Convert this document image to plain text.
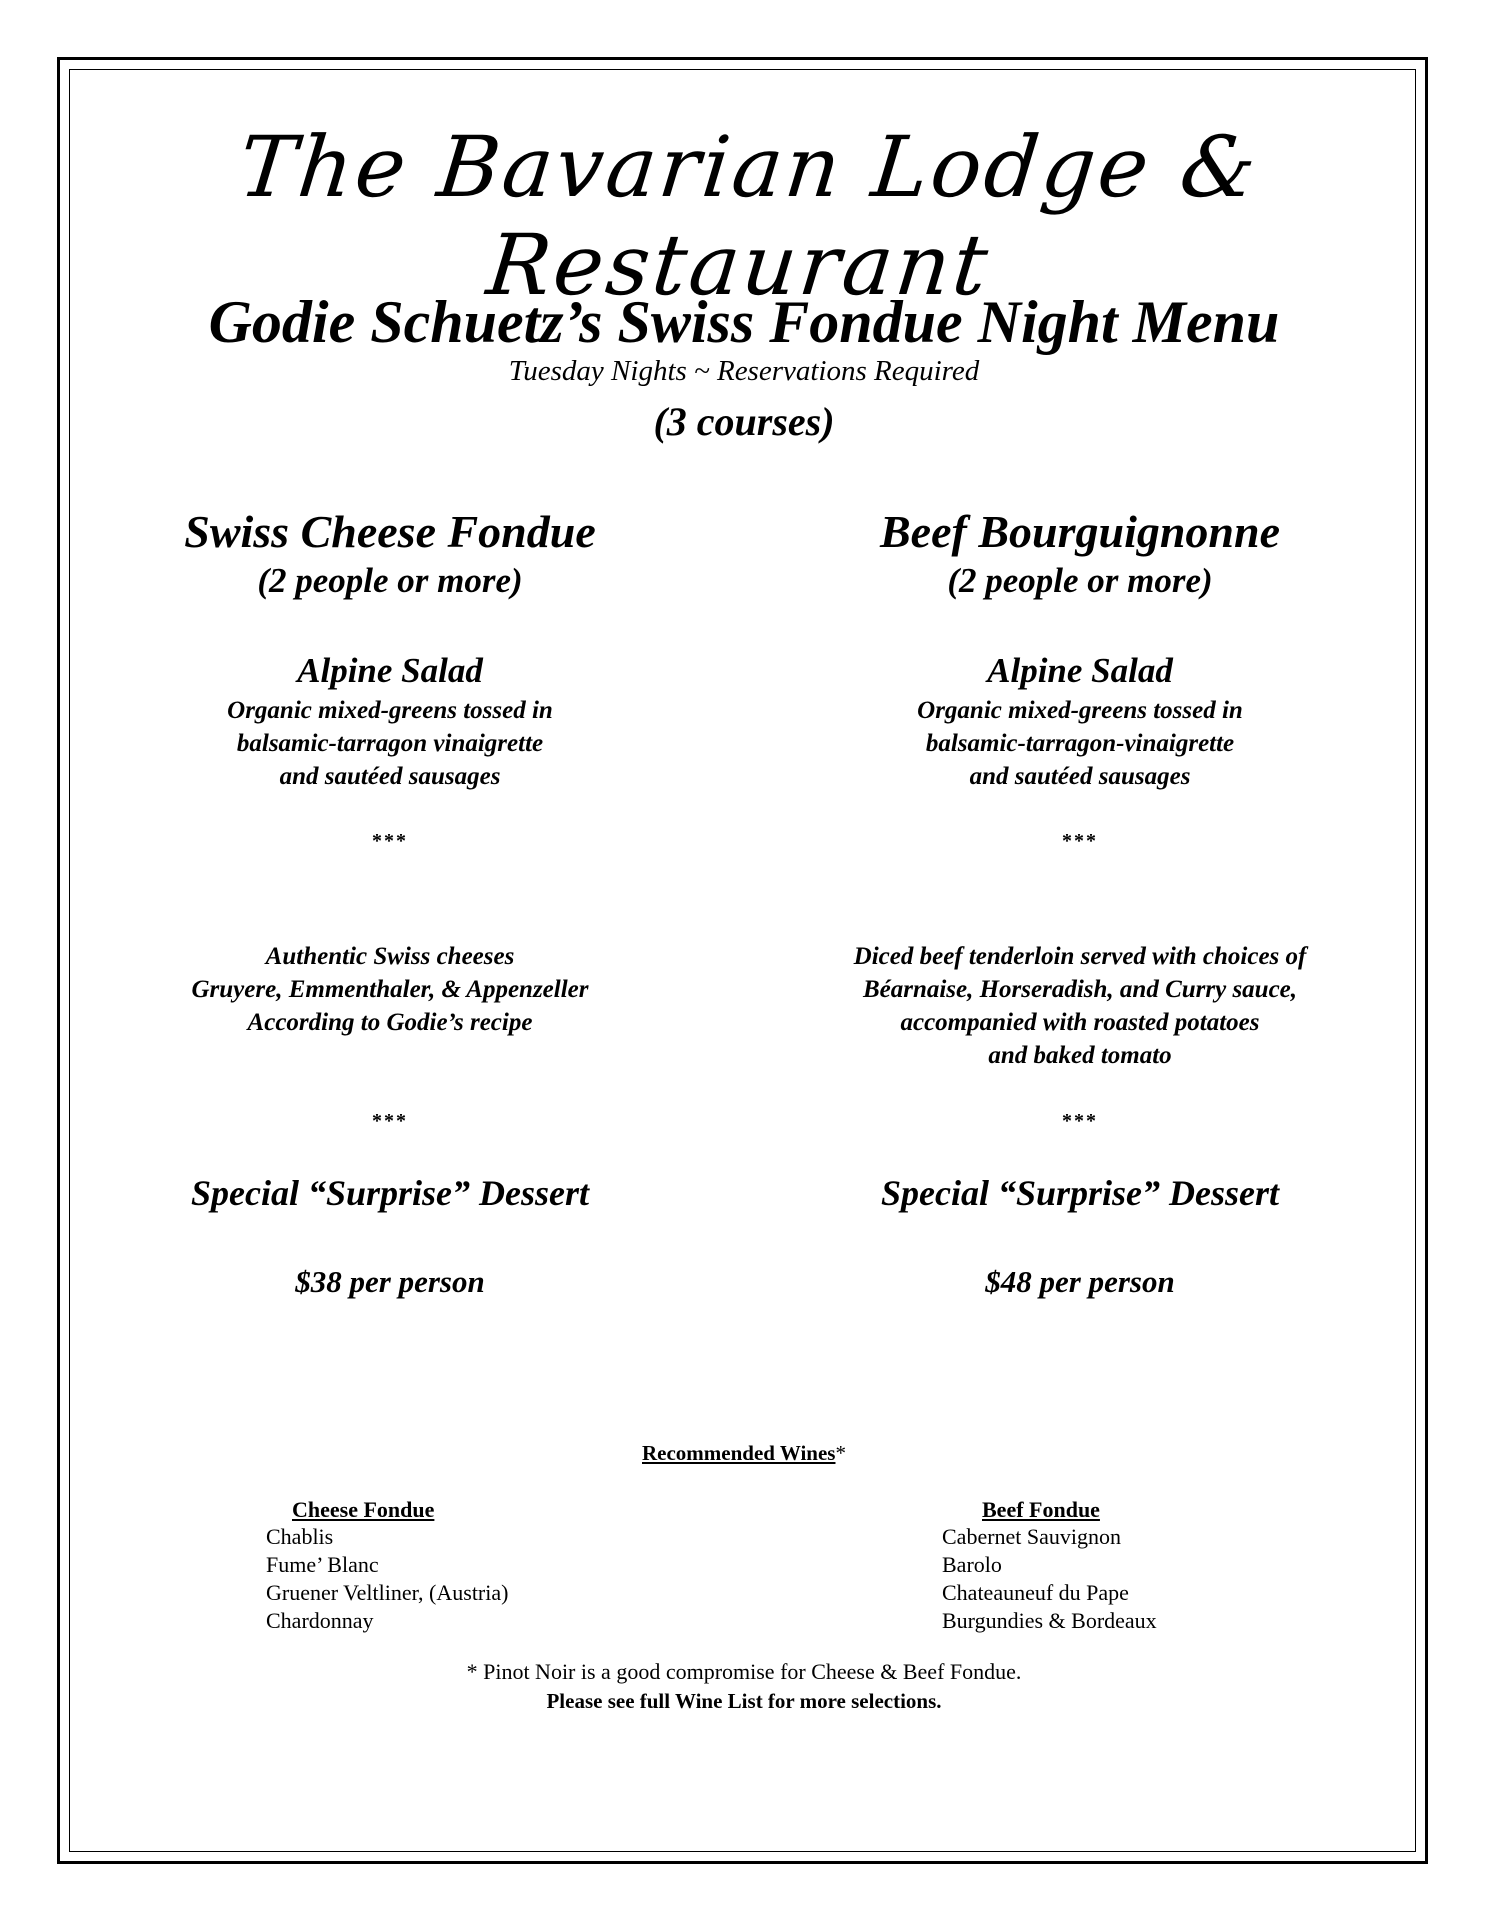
The Bavarian Lodge & Restaurant
Godie Schuetz’s Swiss Fondue Night Menu
Tuesday Nights ~ Reservations Required
(3 courses)
Swiss Cheese Fondue
(2 people or more)
Alpine Salad
Organic mixed-greens tossed in
balsamic-tarragon vinaigrette
and sautéed sausages
***
Authentic Swiss cheeses
Gruyere, Emmenthaler, & Appenzeller
According to Godie’s recipe
***
Special “Surprise” Dessert
$38 per person
Beef Bourguignonne
(2 people or more)
Alpine Salad
Organic mixed-greens tossed in
balsamic-tarragon-vinaigrette
and sautéed sausages
***
Diced beef tenderloin served with choices of
Béarnaise, Horseradish, and Curry sauce,
accompanied with roasted potatoes
and baked tomato
***
Special “Surprise” Dessert
$48 per person
Recommended Wines*
Cheese Fondue
Chablis
Fume’ Blanc
Gruener Veltliner, (Austria)
Chardonnay
Beef Fondue
Cabernet Sauvignon
Barolo
Chateauneuf du Pape
Burgundies & Bordeaux
* Pinot Noir is a good compromise for Cheese & Beef Fondue.
Please see full Wine List for more selections.
